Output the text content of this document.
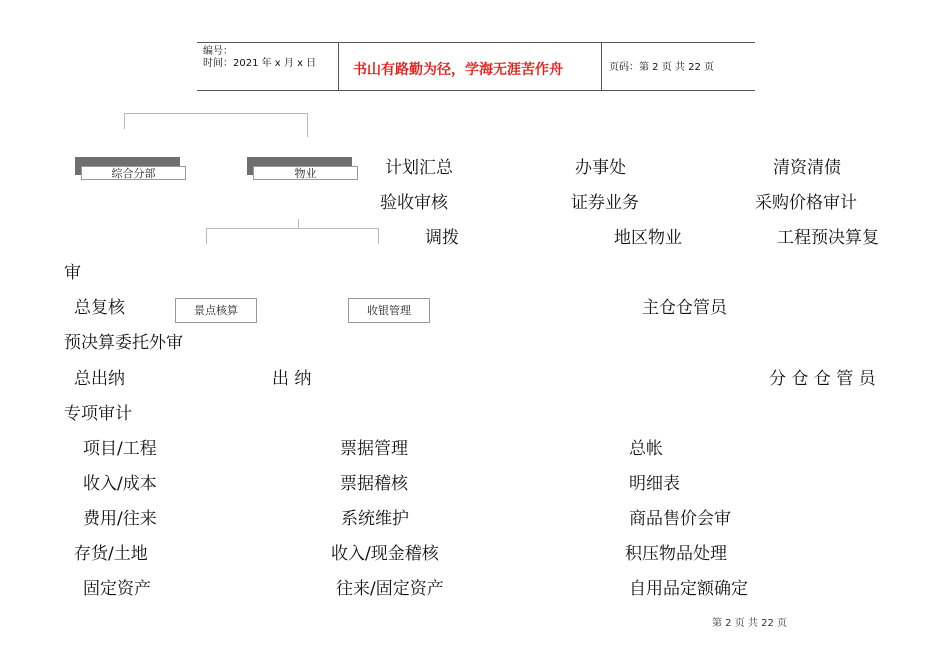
编号：
时间：2021 年 x 月 x 日	书山有路勤为径，学海无涯苦作舟	页码：第 2 页 共 22 页
综合分部	物业
景点核算	收银管理
计划汇总	办事处	清资清债
验收审核	证券业务	采购价格审计
调拨	地区物业	工程预决算复
审
总复核	主仓仓管员
预决算委托外审
总出纳	出 纳	分 仓 仓 管 员
专项审计
项目/工程	票据管理	总帐
收入/成本	票据稽核	明细表
费用/往来	系统维护	商品售价会审
存货/土地	收入/现金稽核	积压物品处理
固定资产	往来/固定资产	自用品定额确定
第 2 页 共 22 页
